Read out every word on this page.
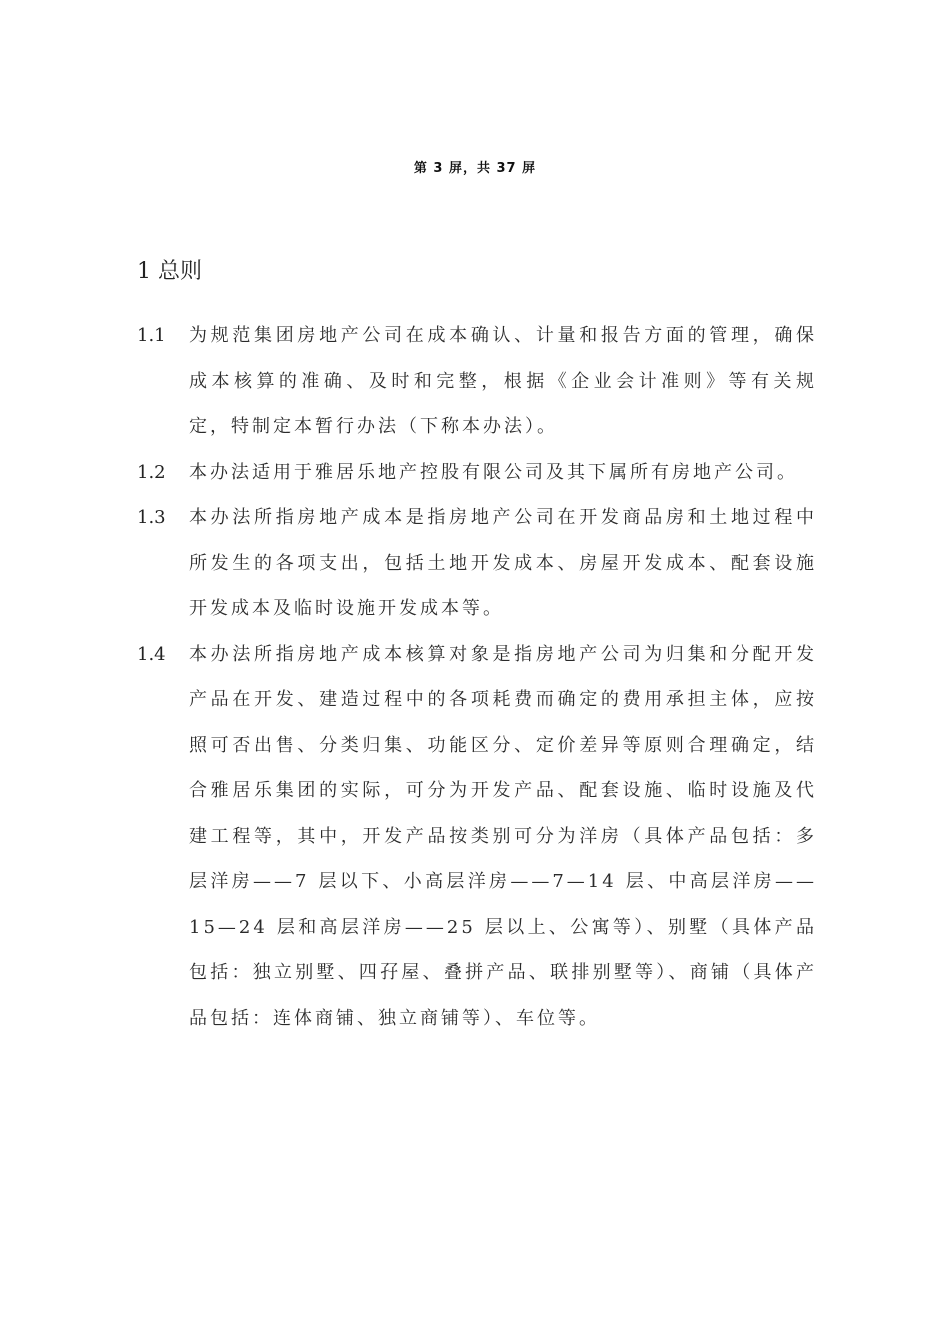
第 3 屏，共 37 屏
1 总则
1.1	为规范集团房地产公司在成本确认、计量和报告方面的管理，确保成本核算的准确、及时和完整，根据《企业会计准则》等有关规定，特制定本暂行办法（下称本办法）。
1.2	本办法适用于雅居乐地产控股有限公司及其下属所有房地产公司。
1.3	本办法所指房地产成本是指房地产公司在开发商品房和土地过程中所发生的各项支出，包括土地开发成本、房屋开发成本、配套设施开发成本及临时设施开发成本等。
1.4	本办法所指房地产成本核算对象是指房地产公司为归集和分配开发产品在开发、建造过程中的各项耗费而确定的费用承担主体，应按照可否出售、分类归集、功能区分、定价差异等原则合理确定，结合雅居乐集团的实际，可分为开发产品、配套设施、临时设施及代建工程等，其中，开发产品按类别可分为洋房（具体产品包括：多层洋房——7 层以下、小高层洋房——7—14 层、中高层洋房——15—24 层和高层洋房——25 层以上、公寓等）、别墅（具体产品包括：独立别墅、四孖屋、叠拼产品、联排别墅等）、商铺（具体产品包括：连体商铺、独立商铺等）、车位等。
